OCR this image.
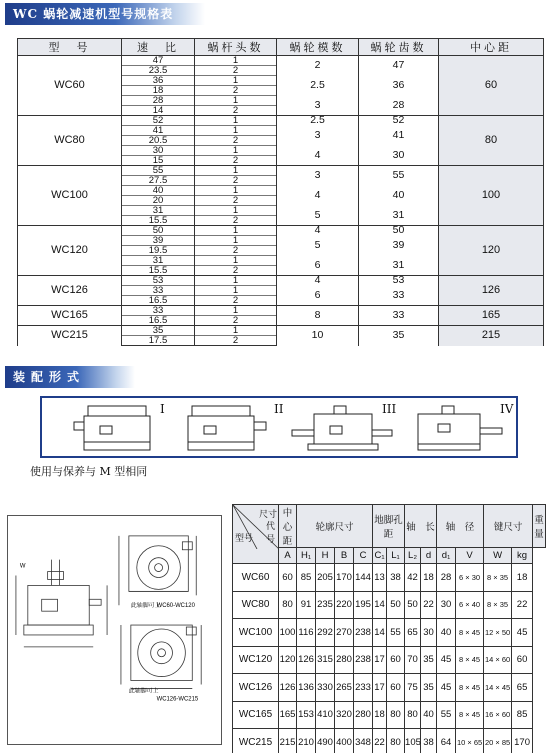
WC 蜗轮减速机型号规格表
型　号	速　比	蜗杆头数	蜗轮模数	蜗轮齿数	中心距
WC60	47	1	2	47	60
	23.5	2			
	36	1	2.5	36	
	18	2			
	28	1	3	28	
	14	2			
WC80	52	1	2.5	52	80
	41	1	3	41	
	20.5	2			
	30	1	4	30	
	15	2			
WC100	55	1	3	55	100
	27.5	2			
	40	1	4	40	
	20	2			
	31	1	5	31	
	15.5	2			
WC120	50	1	4	50	120
	39	1	5	39	
	19.5	2			
	31	1	6	31	
	15.5	2			
WC126	53	1	4	53	126
	33	1	6	33	
	16.5	2			
WC165	33	1	8	33	165
	16.5	2			
WC215	35	1	10	35	215
	17.5	2			
装配形式
I	II	III	IV
使用与保养与 M 型相同
此轴脚可上
WC60-WC120
此轴脚可上
WC126-WC215
W
尺寸
代号
型号	中心距	轮廓尺寸				地脚孔距		轴　长		轴　径		键尺寸		重量
	A	H₁	H	B	C	C₁	L₁	L₂	d	d₁	V	W	kg	
WC60	60	85	205	170	144	13	38	42	18	28	6 × 30	8 × 35	18	
WC80	80	91	235	220	195	14	50	50	22	30	6 × 40	8 × 35	22	
WC100	100	116	292	270	238	14	55	65	30	40	8 × 45	12 × 50	45	
WC120	120	126	315	280	238	17	60	70	35	45	8 × 45	14 × 60	60	
WC126	126	136	330	265	233	17	60	75	35	45	8 × 45	14 × 45	65	
WC165	165	153	410	320	280	18	80	80	40	55	8 × 45	16 × 60	85	
WC215	215	210	490	400	348	22	80	105	38	64	10 × 65	20 × 85	170	
